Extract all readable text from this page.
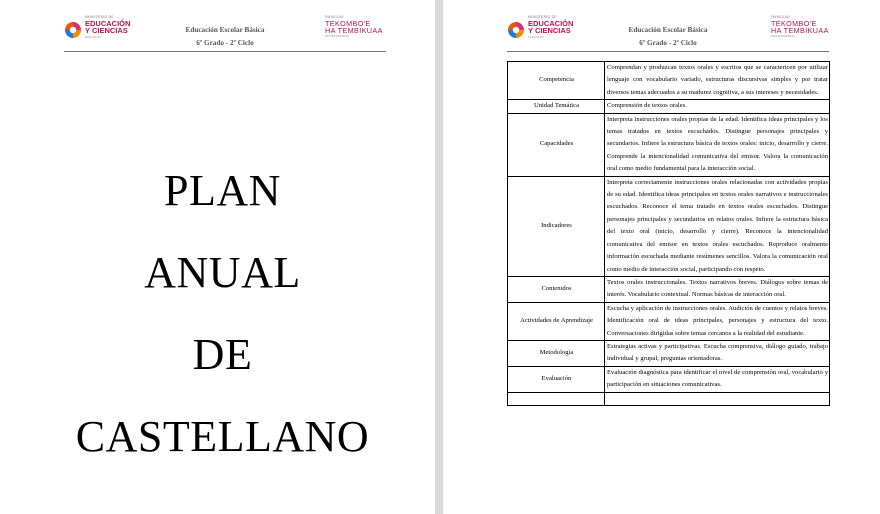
MINISTERIO DE
EDUCACIÓN
Y CIENCIAS
PARAGUAY
Educación Escolar Básica
6º Grado - 2º Ciclo
PARAGUAY
TEKOMBO'E
HA TEMBIKUAA
MOTENONDEHA
PLAN
ANUAL
DE
CASTELLANO
MINISTERIO DE
EDUCACIÓN
Y CIENCIAS
PARAGUAY
Educación Escolar Básica
6º Grado - 2º Ciclo
PARAGUAY
TEKOMBO'E
HA TEMBIKUAA
MOTENONDEHA
Competencia	Comprendan y produzcan textos orales y escritos que se caractericen por utilizar lenguaje con vocabulario variado, estructuras discursivas simples y por tratar diversos temas adecuados a su madurez cognitiva, a sus intereses y necesidades.
Unidad Temática	Comprensión de textos orales.
Capacidades	Interpreta instrucciones orales propias de la edad. Identifica ideas principales y los temas tratados en textos escuchados. Distingue personajes principales y secundarios. Infiere la estructura básica de textos orales: inicio, desarrollo y cierre. Comprende la intencionalidad comunicativa del emisor. Valora la comunicación oral como medio fundamental para la interacción social.
Indicadores	Interpreta correctamente instrucciones orales relacionadas con actividades propias de su edad. Identifica ideas principales en textos orales narrativos e instruccionales escuchados. Reconoce el tema tratado en textos orales escuchados. Distingue personajes principales y secundarios en relatos orales. Infiere la estructura básica del texto oral (inicio, desarrollo y cierre). Reconoce la intencionalidad comunicativa del emisor en textos orales escuchados. Reproduce oralmente información escuchada mediante resúmenes sencillos. Valora la comunicación oral como medio de interacción social, participando con respeto.
Contenidos	Textos orales instruccionales. Textos narrativos breves. Diálogos sobre temas de interés. Vocabulario contextual. Normas básicas de interacción oral.
Actividades de Aprendizaje	Escucha y aplicación de instrucciones orales. Audición de cuentos y relatos breves. Identificación oral de ideas principales, personajes y estructura del texto. Conversaciones dirigidas sobre temas cercanos a la realidad del estudiante.
Metodología	Estrategias activas y participativas. Escucha comprensiva, diálogo guiado, trabajo individual y grupal, preguntas orientadoras.
Evaluación	Evaluación diagnóstica para identificar el nivel de comprensión oral, vocabulario y participación en situaciones comunicativas.
